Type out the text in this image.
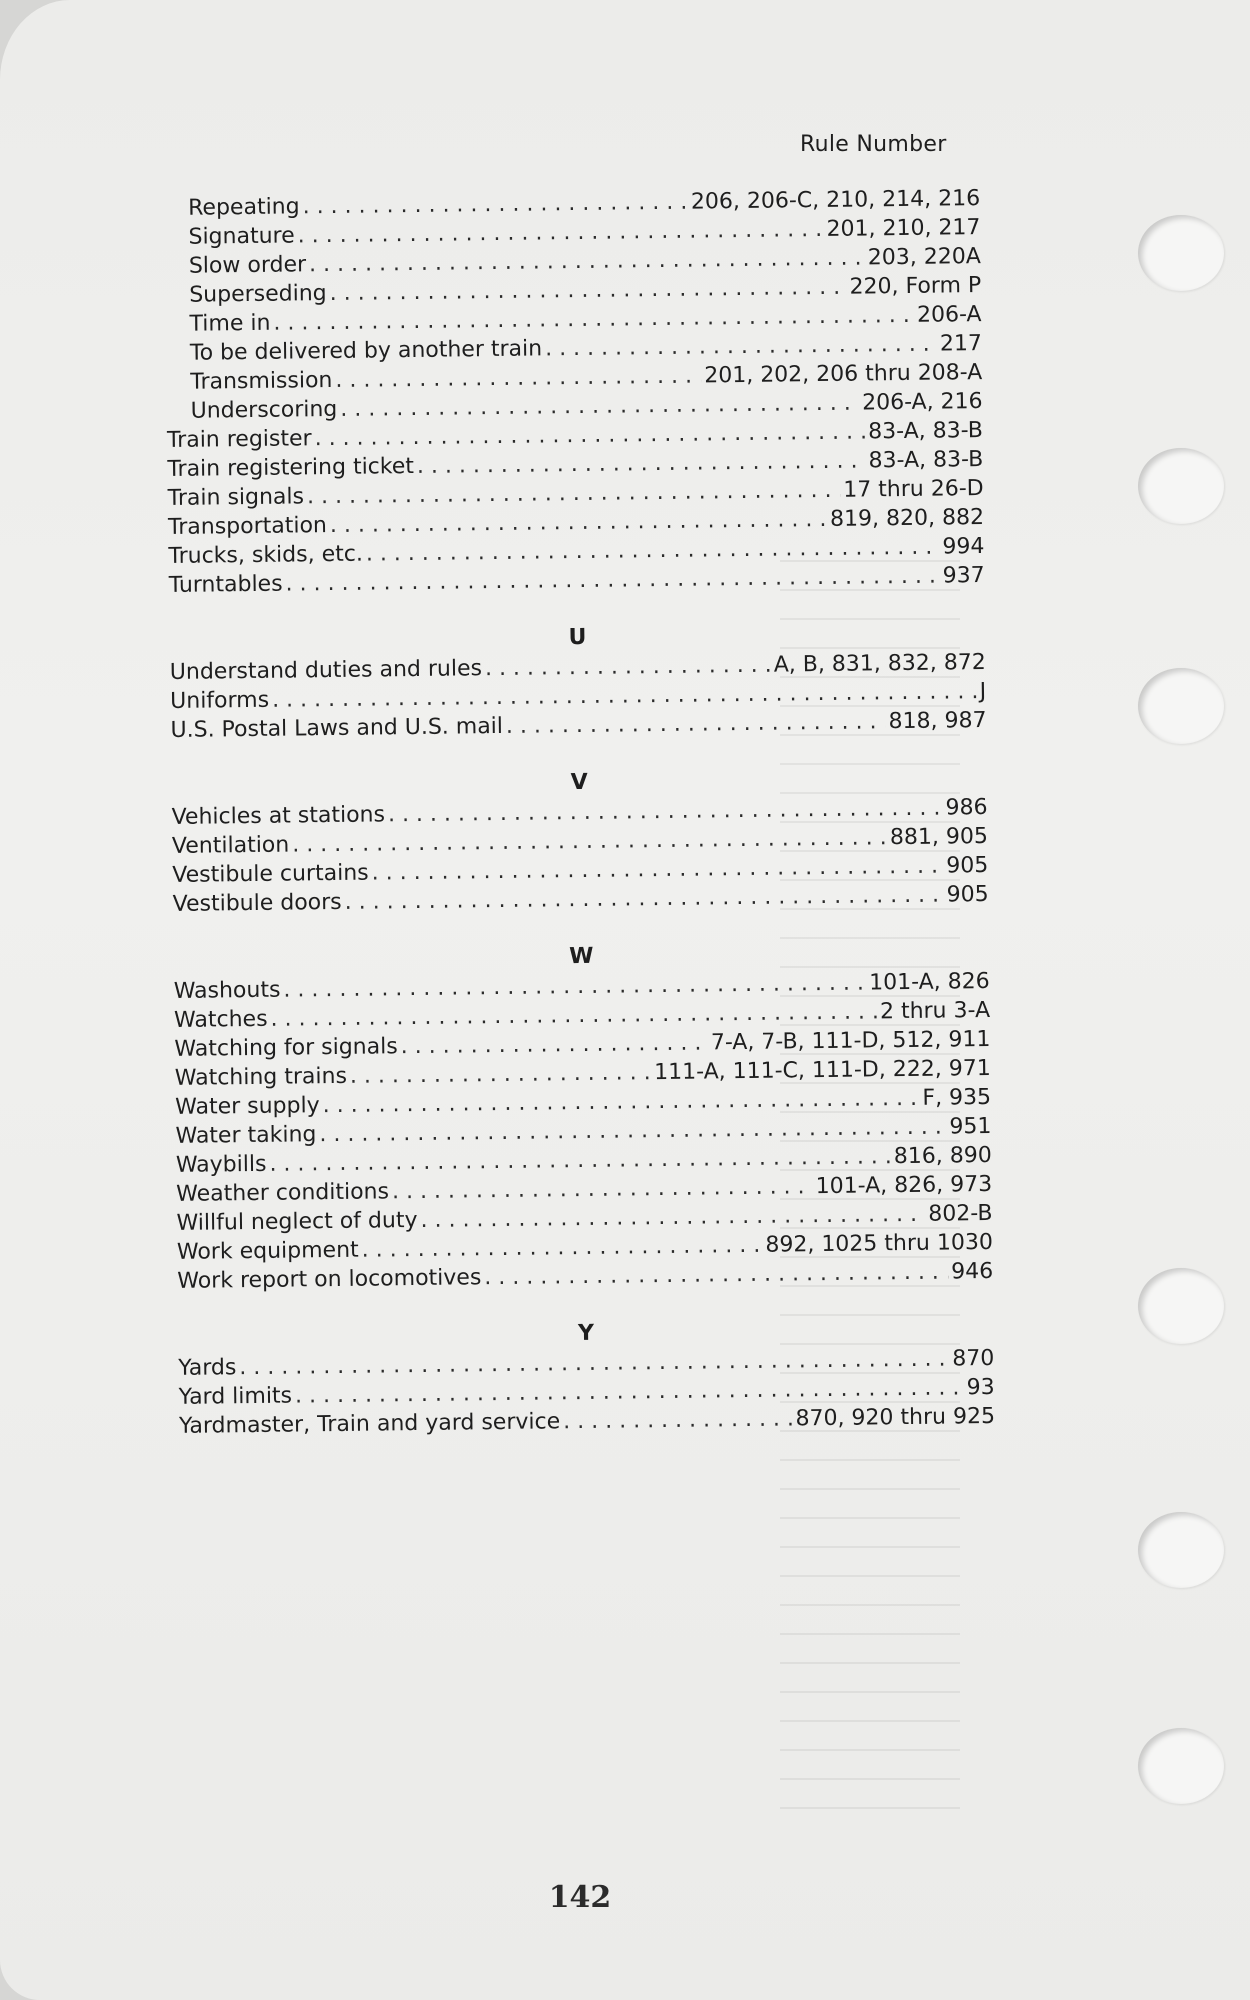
Rule Number
Repeating . . .	206, 206-C, 210, 214, 216
Signature . . .	201, 210, 217
Slow order . . .	203, 220A
Superseding . . .	220, Form P
Time in . . .	206-A
To be delivered by another train . . .	217
Transmission . . .	201, 202, 206 thru 208-A
Underscoring . . .	206-A, 216
Train register . . .	83-A, 83-B
Train registering ticket . . .	83-A, 83-B
Train signals . . .	17 thru 26-D
Transportation . . .	819, 820, 882
Trucks, skids, etc. . . .	994
Turntables . . .	937
U
Understand duties and rules . . .	A, B, 831, 832, 872
Uniforms . . .	J
U.S. Postal Laws and U.S. mail . . .	818, 987
V
Vehicles at stations . . .	986
Ventilation . . .	881, 905
Vestibule curtains . . .	905
Vestibule doors . . .	905
W
Washouts . . .	101-A, 826
Watches . . .	2 thru 3-A
Watching for signals . . .	7-A, 7-B, 111-D, 512, 911
Watching trains . . .	111-A, 111-C, 111-D, 222, 971
Water supply . . .	F, 935
Water taking . . .	951
Waybills . . .	816, 890
Weather conditions . . .	101-A, 826, 973
Willful neglect of duty . . .	802-B
Work equipment . . .	892, 1025 thru 1030
Work report on locomotives . . .	946
Y
Yards . . .	870
Yard limits . . .	93
Yardmaster, Train and yard service . . .	870, 920 thru 925
142
